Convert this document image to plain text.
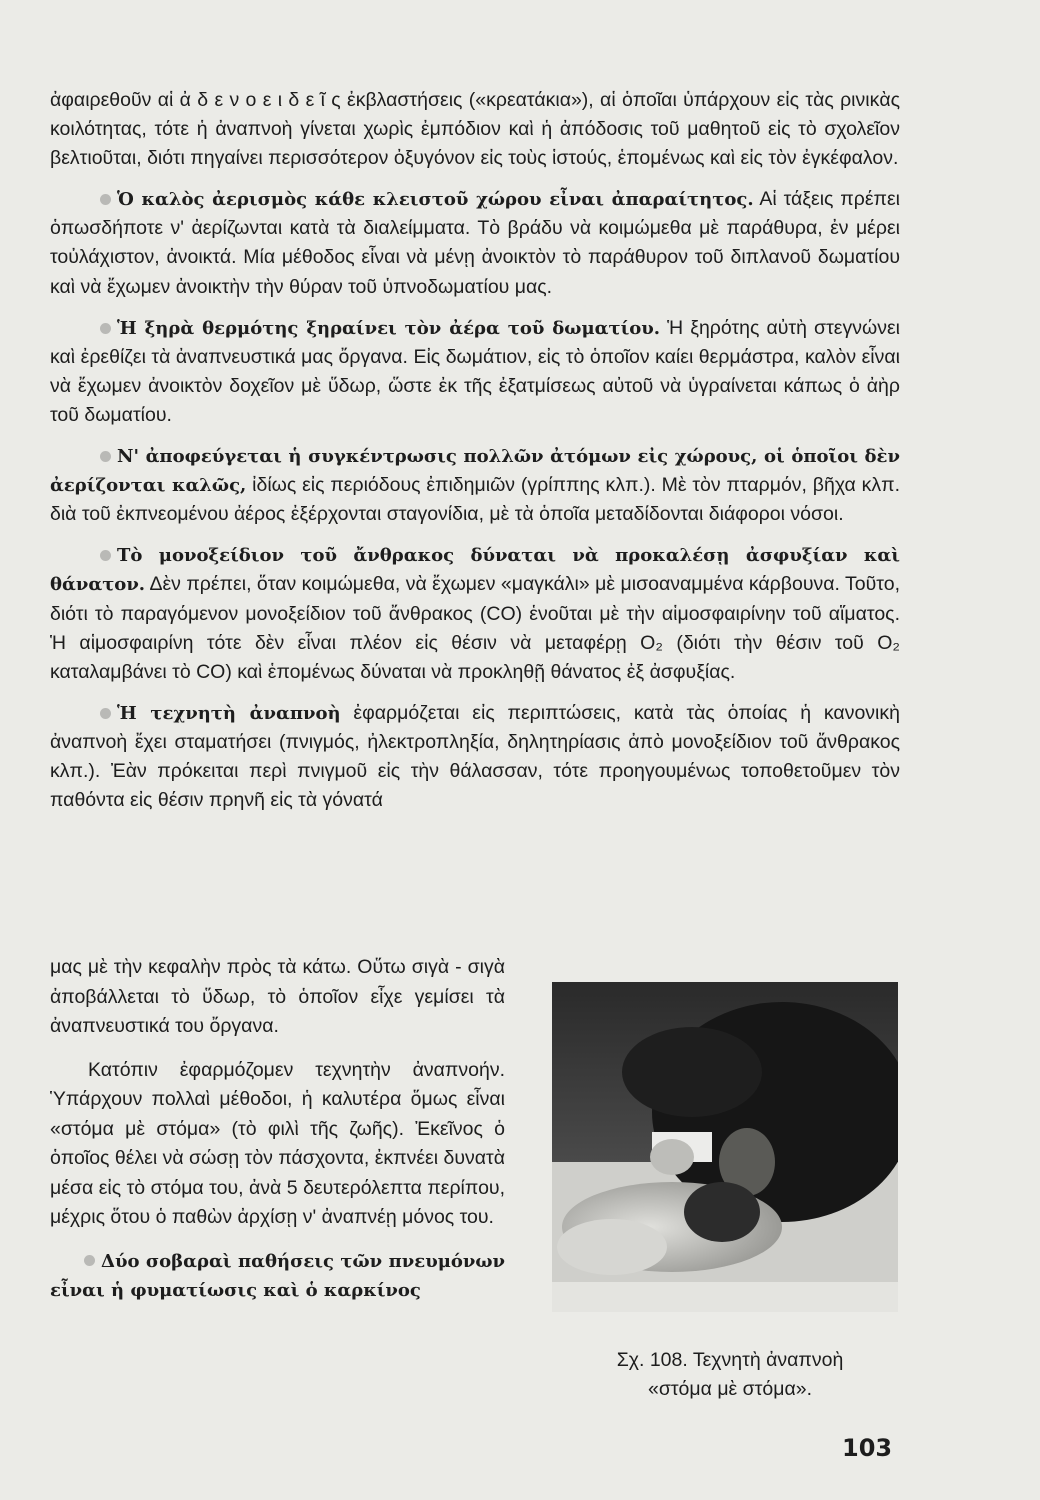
ἀφαιρεθοῦν αἱ ἀ δ ε ν ο ε ι δ ε ῖ ς ἐκβλαστήσεις («κρεατάκια»), αἱ ὁποῖαι ὑπάρχουν εἰς τὰς ρινικὰς κοιλότητας, τότε ἡ ἀναπνοὴ γίνεται χωρὶς ἐμπόδιον καὶ ἡ ἀπόδοσις τοῦ μαθητοῦ εἰς τὸ σχολεῖον βελτιοῦται, διότι πηγαίνει περισσότερον ὀξυγόνον εἰς τοὺς ἱστούς, ἑπομένως καὶ εἰς τὸν ἐγκέφαλον.

Ὁ καλὸς ἀερισμὸς κάθε κλειστοῦ χώρου εἶναι ἀπαραίτητος. Αἱ τάξεις πρέπει ὁπωσδήποτε ν' ἀερίζωνται κατὰ τὰ διαλείμματα. Τὸ βράδυ νὰ κοιμώμεθα μὲ παράθυρα, ἐν μέρει τοὐλάχιστον, ἀνοικτά. Μία μέθοδος εἶναι νὰ μένῃ ἀνοικτὸν τὸ παράθυρον τοῦ διπλανοῦ δωματίου καὶ νὰ ἔχωμεν ἀνοικτὴν τὴν θύραν τοῦ ὑπνοδωματίου μας.

Ἡ ξηρὰ θερμότης ξηραίνει τὸν ἀέρα τοῦ δωματίου. Ἡ ξηρότης αὐτὴ στεγνώνει καὶ ἐρεθίζει τὰ ἀναπνευστικά μας ὄργανα. Εἰς δωμάτιον, εἰς τὸ ὁποῖον καίει θερμάστρα, καλὸν εἶναι νὰ ἔχωμεν ἀνοικτὸν δοχεῖον μὲ ὕδωρ, ὥστε ἐκ τῆς ἐξατμίσεως αὐτοῦ νὰ ὑγραίνεται κάπως ὁ ἀὴρ τοῦ δωματίου.

Ν' ἀποφεύγεται ἡ συγκέντρωσις πολλῶν ἀτόμων εἰς χώρους, οἱ ὁποῖοι δὲν ἀερίζονται καλῶς, ἰδίως εἰς περιόδους ἐπιδημιῶν (γρίππης κλπ.). Μὲ τὸν πταρμόν, βῆχα κλπ. διὰ τοῦ ἐκπνεομένου ἀέρος ἐξέρχονται σταγονίδια, μὲ τὰ ὁποῖα μεταδίδονται διάφοροι νόσοι.

Τὸ μονοξείδιον τοῦ ἄνθρακος δύναται νὰ προκαλέσῃ ἀσφυξίαν καὶ θάνατον. Δὲν πρέπει, ὅταν κοιμώμεθα, νὰ ἔχωμεν «μαγκάλι» μὲ μισοαναμμένα κάρβουνα. Τοῦτο, διότι τὸ παραγόμενον μονοξείδιον τοῦ ἄνθρακος (CO) ἑνοῦται μὲ τὴν αἱμοσφαιρίνην τοῦ αἵματος. Ἡ αἱμοσφαιρίνη τότε δὲν εἶναι πλέον εἰς θέσιν νὰ μεταφέρῃ O₂ (διότι τὴν θέσιν τοῦ O₂ καταλαμβάνει τὸ CO) καὶ ἑπομένως δύναται νὰ προκληθῇ θάνατος ἐξ ἀσφυξίας.

Ἡ τεχνητὴ ἀναπνοὴ ἐφαρμόζεται εἰς περιπτώσεις, κατὰ τὰς ὁποίας ἡ κανονικὴ ἀναπνοὴ ἔχει σταματήσει (πνιγμός, ἠλεκτροπληξία, δηλητηρίασις ἀπὸ μονοξείδιον τοῦ ἄνθρακος κλπ.). Ἐὰν πρόκειται περὶ πνιγμοῦ εἰς τὴν θάλασσαν, τότε προηγουμένως τοποθετοῦμεν τὸν παθόντα εἰς θέσιν πρηνῆ εἰς τὰ γόνατά

μας μὲ τὴν κεφαλὴν πρὸς τὰ κάτω. Οὕτω σιγὰ - σιγὰ ἀποβάλλεται τὸ ὕδωρ, τὸ ὁποῖον εἶχε γεμίσει τὰ ἀναπνευστικά του ὄργανα.

Κατόπιν ἐφαρμόζομεν τεχνητὴν ἀναπνοήν. Ὑπάρχουν πολλαὶ μέθοδοι, ἡ καλυτέρα ὅμως εἶναι «στόμα μὲ στόμα» (τὸ φιλὶ τῆς ζωῆς). Ἐκεῖνος ὁ ὁποῖος θέλει νὰ σώσῃ τὸν πάσχοντα, ἐκπνέει δυνατὰ μέσα εἰς τὸ στόμα του, ἀνὰ 5 δευτερόλεπτα περίπου, μέχρις ὅτου ὁ παθὼν ἀρχίσῃ ν' ἀναπνέῃ μόνος του.

Δύο σοβαραὶ παθήσεις τῶν πνευμόνων εἶναι ἡ φυματίωσις καὶ ὁ καρκίνος

Σχ. 108. Τεχνητὴ ἀναπνοὴ
«στόμα μὲ στόμα».
103
